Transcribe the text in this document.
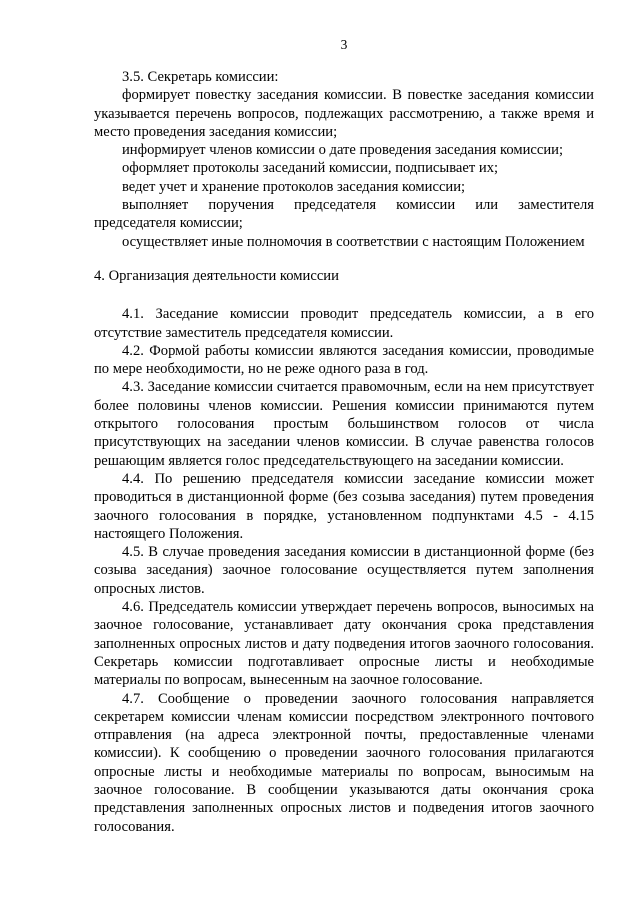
3

3.5. Секретарь комиссии:

формирует повестку заседания комиссии. В повестке заседания комиссии указывается перечень вопросов, подлежащих рассмотрению, а также время и место проведения заседания комиссии;

информирует членов комиссии о дате проведения заседания комиссии;

оформляет протоколы заседаний комиссии, подписывает их;

ведет учет и хранение протоколов заседания комиссии;

выполняет поручения председателя комиссии или заместителя председателя комиссии;

осуществляет иные полномочия в соответствии с настоящим Положением

4. Организация деятельности комиссии

4.1. Заседание комиссии проводит председатель комиссии, а в его отсутствие заместитель председателя комиссии.

4.2. Формой работы комиссии являются заседания комиссии, проводимые по мере необходимости, но не реже одного раза в год.

4.3. Заседание комиссии считается правомочным, если на нем присутствует более половины членов комиссии. Решения комиссии принимаются путем открытого голосования простым большинством голосов от числа присутствующих на заседании членов комиссии. В случае равенства голосов решающим является голос председательствующего на заседании комиссии.

4.4. По решению председателя комиссии заседание комиссии может проводиться в дистанционной форме (без созыва заседания) путем проведения заочного голосования в порядке, установленном подпунктами 4.5 - 4.15 настоящего Положения.

4.5. В случае проведения заседания комиссии в дистанционной форме (без созыва заседания) заочное голосование осуществляется путем заполнения опросных листов.

4.6. Председатель комиссии утверждает перечень вопросов, выносимых на заочное голосование, устанавливает дату окончания срока представления заполненных опросных листов и дату подведения итогов заочного голосования. Секретарь комиссии подготавливает опросные листы и необходимые материалы по вопросам, вынесенным на заочное голосование.

4.7. Сообщение о проведении заочного голосования направляется секретарем комиссии членам комиссии посредством электронного почтового отправления (на адреса электронной почты, предоставленные членами комиссии). К сообщению о проведении заочного голосования прилагаются опросные листы и необходимые материалы по вопросам, выносимым на заочное голосование. В сообщении указываются даты окончания срока представления заполненных опросных листов и подведения итогов заочного голосования.
